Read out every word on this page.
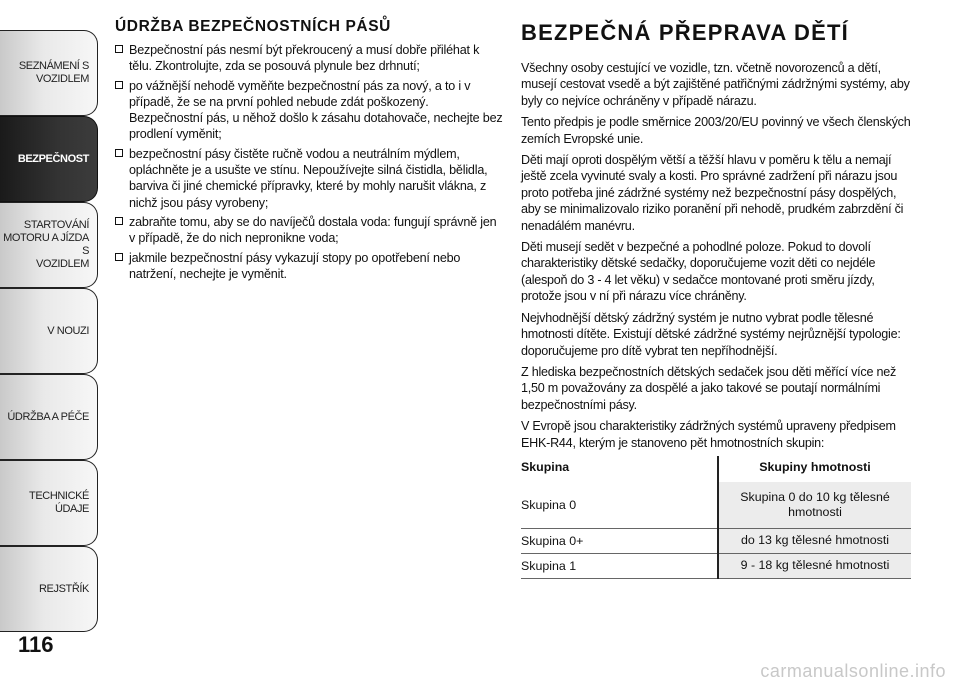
SEZNÁMENÍ S
VOZIDLEM
BEZPEČNOST
STARTOVÁNÍ
MOTORU A JÍZDA S
VOZIDLEM
V NOUZI
ÚDRŽBA A PÉČE
TECHNICKÉ ÚDAJE
REJSTŘÍK
116
ÚDRŽBA BEZPEČNOSTNÍCH PÁSŮ
Bezpečnostní pás nesmí být překroucený a musí dobře přiléhat k tělu. Zkontrolujte, zda se posouvá plynule bez drhnutí;
po vážnější nehodě vyměňte bezpečnostní pás za nový, a to i v případě, že se na první pohled nebude zdát poškozený. Bezpečnostní pás, u něhož došlo k zásahu dotahovače, nechejte bez prodlení vyměnit;
bezpečnostní pásy čistěte ručně vodou a neutrálním mýdlem, opláchněte je a usušte ve stínu. Nepoužívejte silná čistidla, bělidla, barviva či jiné chemické přípravky, které by mohly narušit vlákna, z nichž jsou pásy vyrobeny;
zabraňte tomu, aby se do navíječů dostala voda: fungují správně jen v případě, že do nich nepronikne voda;
jakmile bezpečnostní pásy vykazují stopy po opotřebení nebo natržení, nechejte je vyměnit.
BEZPEČNÁ PŘEPRAVA DĚTÍ

Všechny osoby cestující ve vozidle, tzn. včetně novorozenců a dětí, musejí cestovat vsedě a být zajištěné patřičnými zádržnými systémy, aby byly co nejvíce ochráněny v případě nárazu.

Tento předpis je podle směrnice 2003/20/EU povinný ve všech členských zemích Evropské unie.

Děti mají oproti dospělým větší a těžší hlavu v poměru k tělu a nemají ještě zcela vyvinuté svaly a kosti. Pro správné zadržení při nárazu jsou proto potřeba jiné zádržné systémy než bezpečnostní pásy dospělých, aby se minimalizovalo riziko poranění při nehodě, prudkém zabrzdění či nenadálém manévru.

Děti musejí sedět v bezpečné a pohodlné poloze. Pokud to dovolí charakteristiky dětské sedačky, doporučujeme vozit děti co nejdéle (alespoň do 3 - 4 let věku) v sedačce montované proti směru jízdy, protože jsou v ní při nárazu více chráněny.

Nejvhodnější dětský zádržný systém je nutno vybrat podle tělesné hmotnosti dítěte. Existují dětské zádržné systémy nejrůznější typologie: doporučujeme pro dítě vybrat ten nepříhodnější.

Z hlediska bezpečnostních dětských sedaček jsou děti měřící více než 1,50 m považovány za dospělé a jako takové se poutají normálními bezpečnostními pásy.

V Evropě jsou charakteristiky zádržných systémů upraveny předpisem EHK-R44, kterým je stanoveno pět hmotnostních skupin:

Skupina	Skupiny hmotnosti
Skupina 0	Skupina 0 do 10 kg tělesné hmotnosti
Skupina 0+	do 13 kg tělesné hmotnosti
Skupina 1	9 - 18 kg tělesné hmotnosti
carmanualsonline.info
